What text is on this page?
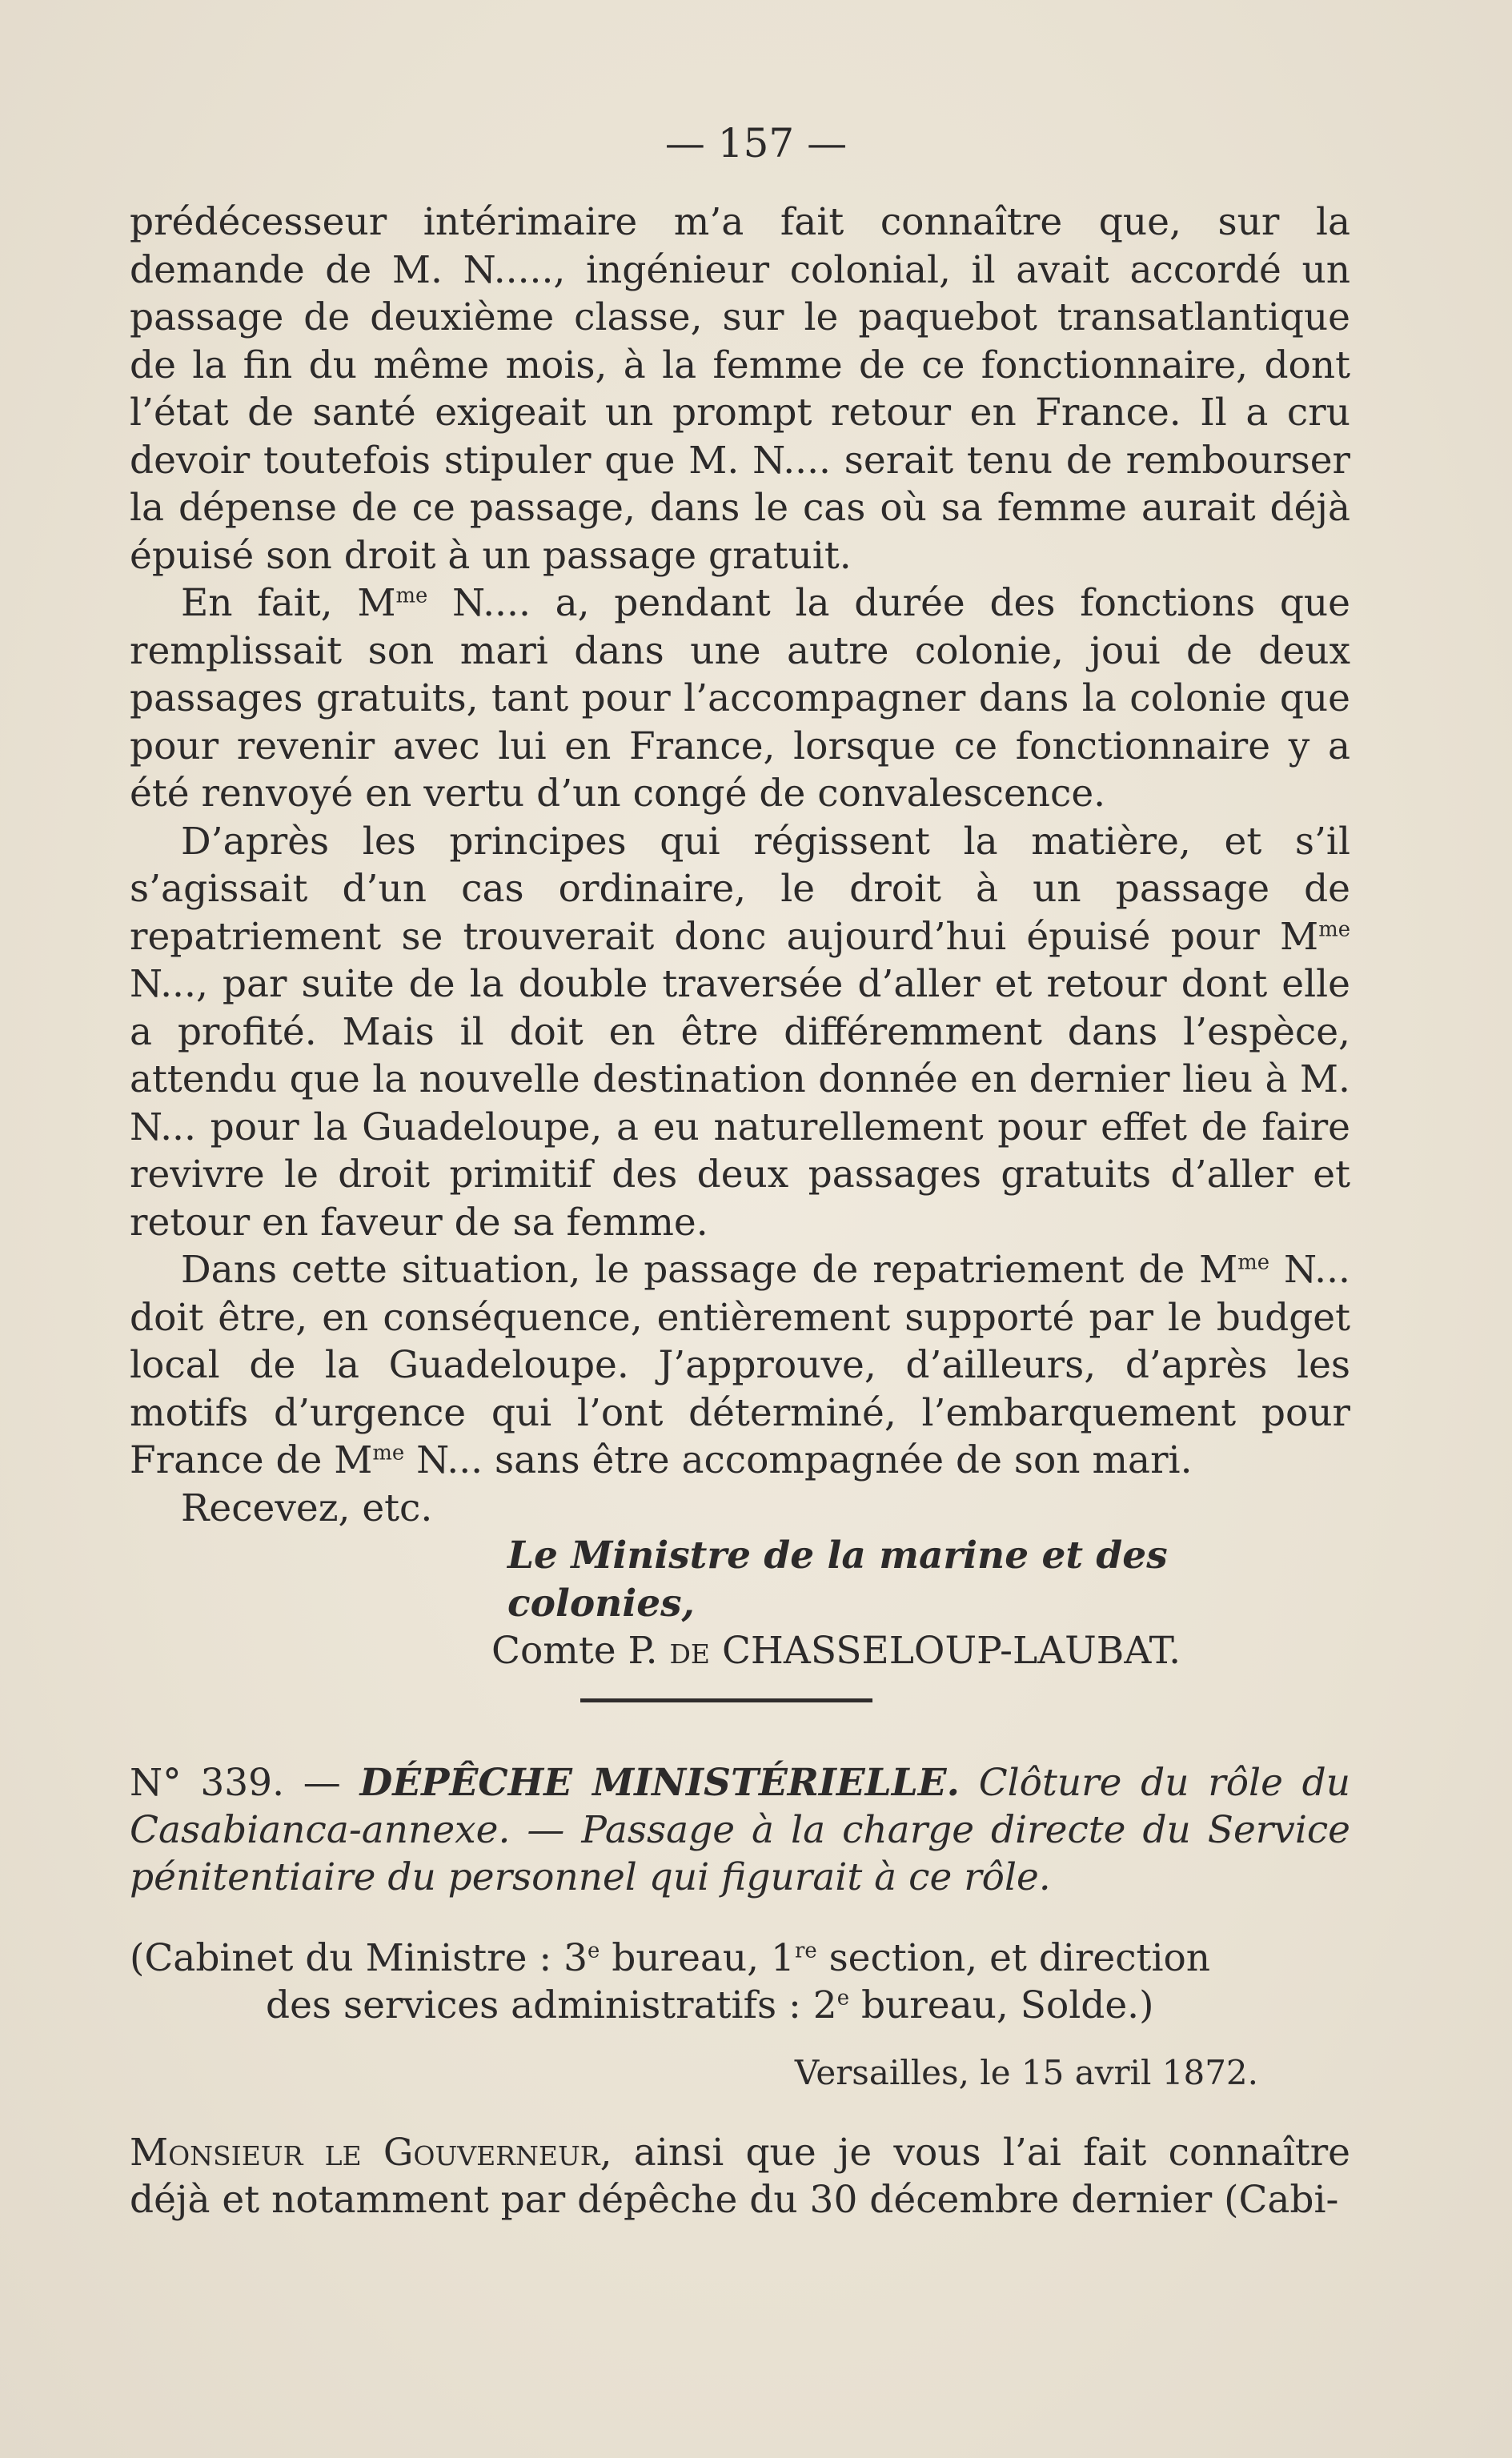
— 157 —

prédécesseur intérimaire m’a fait connaître que, sur la demande de M. N....., ingénieur colonial, il avait accordé un passage de deuxième classe, sur le paquebot transatlantique de la fin du même mois, à la femme de ce fonctionnaire, dont l’état de santé exigeait un prompt retour en France. Il a cru devoir toutefois stipuler que M. N.... serait tenu de rembourser la dépense de ce passage, dans le cas où sa femme aurait déjà épuisé son droit à un passage gratuit.

En fait, $M^{me}$ N.... a, pendant la durée des fonctions que remplissait son mari dans une autre colonie, joui de deux passages gratuits, tant pour l’accompagner dans la colonie que pour revenir avec lui en France, lorsque ce fonctionnaire y a été renvoyé en vertu d’un congé de convalescence.

D’après les principes qui régissent la matière, et s’il s’agissait d’un cas ordinaire, le droit à un passage de repatriement se trouverait donc aujourd’hui épuisé pour $M^{me}$ N..., par suite de la double traversée d’aller et retour dont elle a profité. Mais il doit en être différemment dans l’espèce, attendu que la nouvelle destination donnée en dernier lieu à M. N... pour la Guadeloupe, a eu naturellement pour effet de faire revivre le droit primitif des deux passages gratuits d’aller et retour en faveur de sa femme.

Dans cette situation, le passage de repatriement de $M^{me}$ N... doit être, en conséquence, entièrement supporté par le budget local de la Guadeloupe. J’approuve, d’ailleurs, d’après les motifs d’urgence qui l’ont déterminé, l’embarquement pour France de $M^{me}$ N... sans être accompagnée de son mari.

Recevez, etc.

Le Ministre de la marine et des colonies,

Comte P. de CHASSELOUP-LAUBAT.

N° 339. — DÉPÊCHE MINISTÉRIELLE. Clôture du rôle du Casabianca-annexe. — Passage à la charge directe du Service pénitentiaire du personnel qui figurait à ce rôle.

(Cabinet du Ministre : 3e bureau, 1re section, et direction

des services administratifs : 2e bureau, Solde.)

Versailles, le 15 avril 1872.

Monsieur le Gouverneur, ainsi que je vous l’ai fait connaître déjà et notamment par dépêche du 30 décembre dernier (Cabi-
